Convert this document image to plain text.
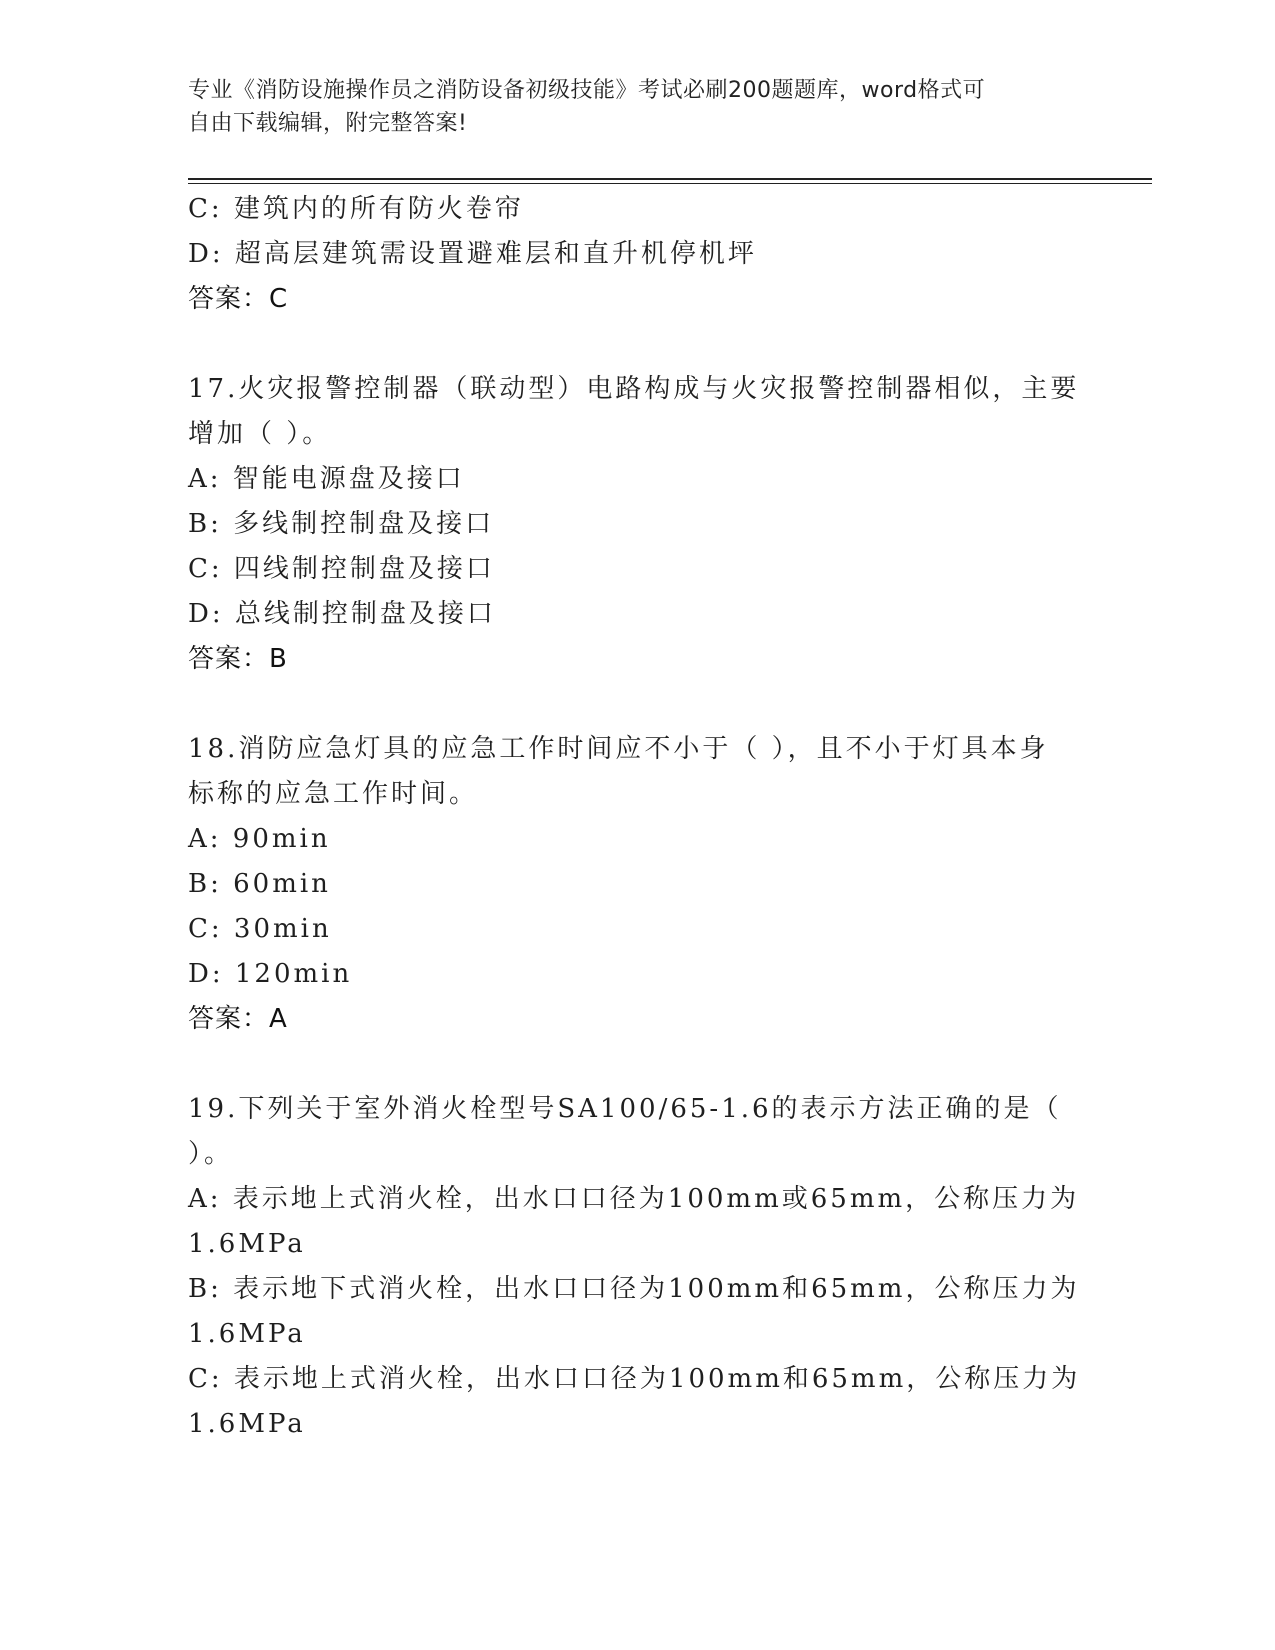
专业《消防设施操作员之消防设备初级技能》考试必刷200题题库，word格式可
自由下载编辑，附完整答案!
C: 建筑内的所有防火卷帘
D: 超高层建筑需设置避难层和直升机停机坪
答案：C
17.火灾报警控制器（联动型）电路构成与火灾报警控制器相似，主要
增加（ ）。
A: 智能电源盘及接口
B: 多线制控制盘及接口
C: 四线制控制盘及接口
D: 总线制控制盘及接口
答案：B
18.消防应急灯具的应急工作时间应不小于（ ），且不小于灯具本身
标称的应急工作时间。
A: 90min
B: 60min
C: 30min
D: 120min
答案：A
19.下列关于室外消火栓型号SA100/65-1.6的表示方法正确的是（
）。
A: 表示地上式消火栓，出水口口径为100mm或65mm，公称压力为
1.6MPa
B: 表示地下式消火栓，出水口口径为100mm和65mm，公称压力为
1.6MPa
C: 表示地上式消火栓，出水口口径为100mm和65mm，公称压力为
1.6MPa
